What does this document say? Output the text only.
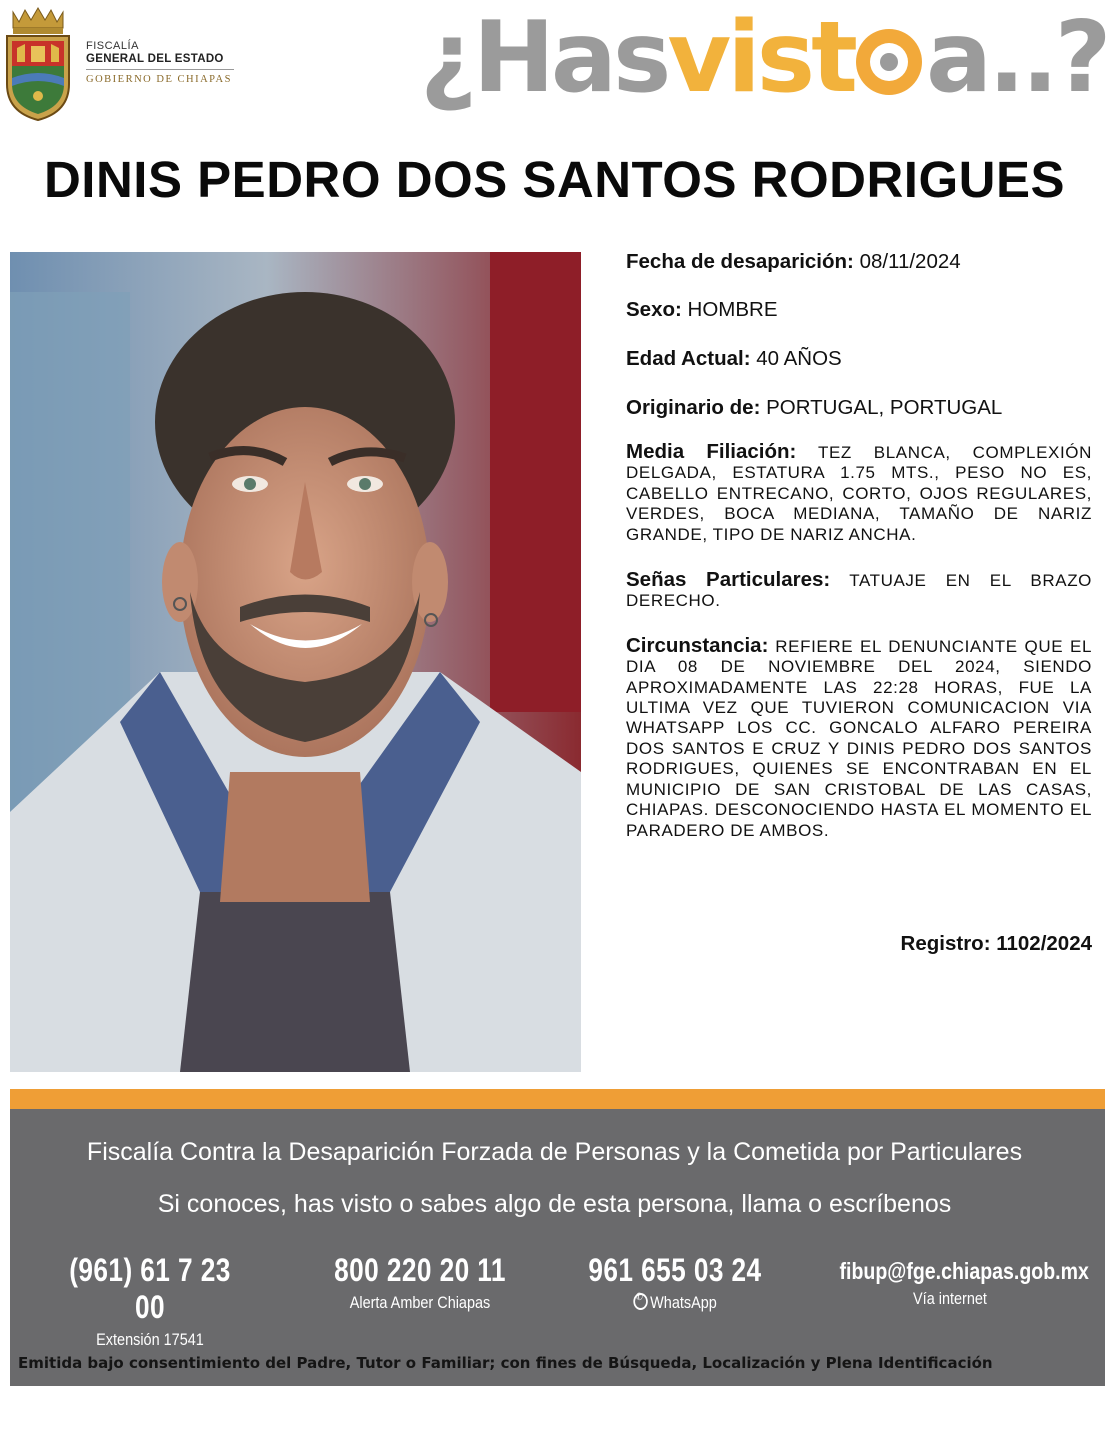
FISCALÍA
GENERAL DEL ESTADO
GOBIERNO DE CHIAPAS ¿Hasvist a..?
DINIS PEDRO DOS SANTOS RODRIGUES
Fecha de desaparición: 08/11/2024
Sexo: HOMBRE
Edad Actual: 40 AÑOS
Originario de: PORTUGAL, PORTUGAL
Media Filiación: TEZ BLANCA, COMPLEXIÓN DELGADA, ESTATURA 1.75 MTS., PESO NO ES, CABELLO ENTRECANO, CORTO, OJOS REGULARES, VERDES, BOCA MEDIANA, TAMAÑO DE NARIZ GRANDE, TIPO DE NARIZ ANCHA.
Señas Particulares: TATUAJE EN EL BRAZO DERECHO.
Circunstancia: REFIERE EL DENUNCIANTE QUE EL DIA 08 DE NOVIEMBRE DEL 2024, SIENDO APROXIMADAMENTE LAS 22:28 HORAS, FUE LA ULTIMA VEZ QUE TUVIERON COMUNICACION VIA WHATSAPP LOS CC. GONCALO ALFARO PEREIRA DOS SANTOS E CRUZ Y DINIS PEDRO DOS SANTOS RODRIGUES, QUIENES SE ENCONTRABAN EN EL MUNICIPIO DE SAN CRISTOBAL DE LAS CASAS, CHIAPAS. DESCONOCIENDO HASTA EL MOMENTO EL PARADERO DE AMBOS.
Registro: 1102/2024
Fiscalía Contra la Desaparición Forzada de Personas y la Cometida por Particulares
Si conoces, has visto o sabes algo de esta persona, llama o escríbenos
(961) 61 7 23 00
Extensión 17541
800 220 20 11
Alerta Amber Chiapas
961 655 03 24
✆WhatsApp
fibup@fge.chiapas.gob.mx
Vía internet
Emitida bajo consentimiento del Padre, Tutor o Familiar; con fines de Búsqueda, Localización y Plena Identificación
